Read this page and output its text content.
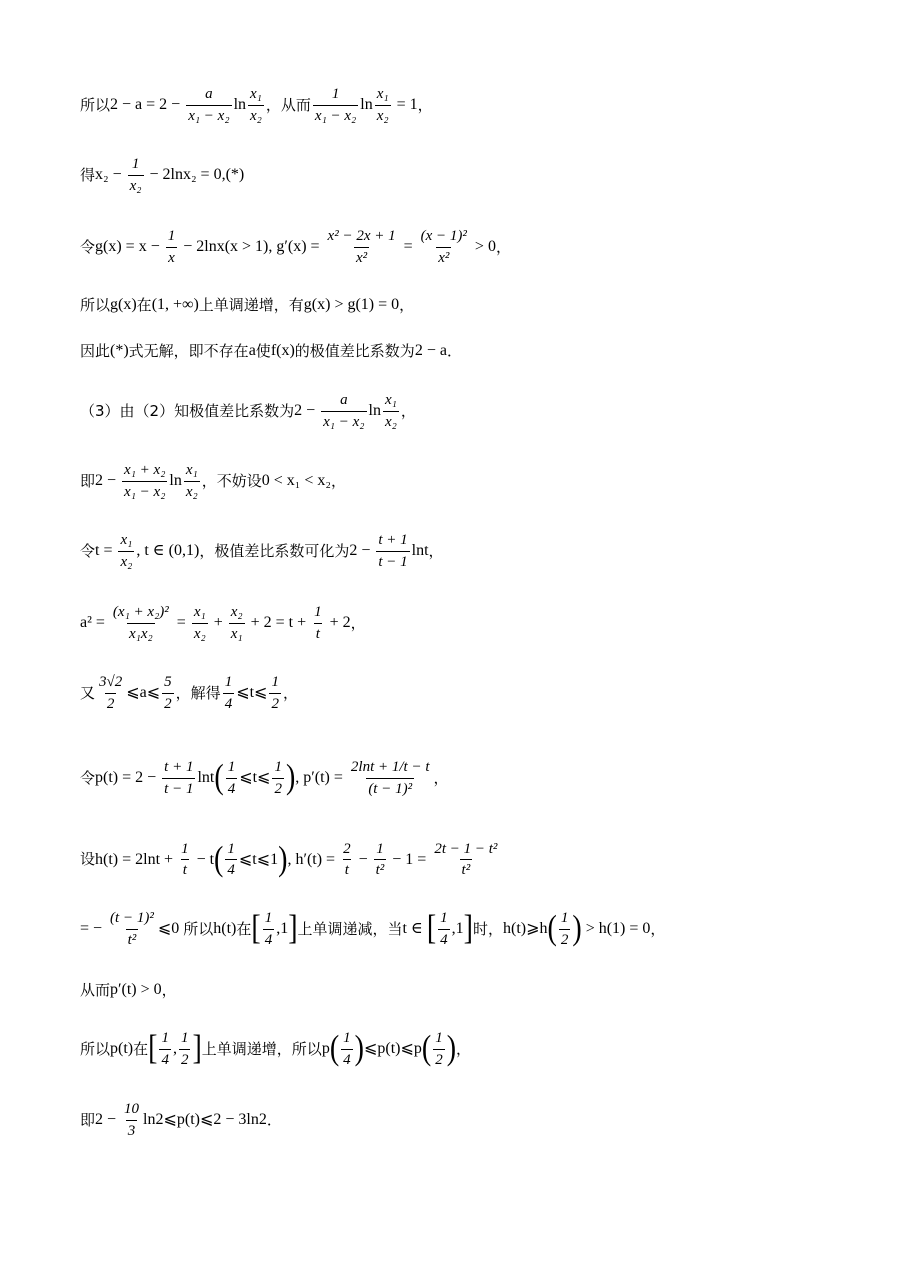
所以 $2 - a = 2 - \frac{a}{\text{x₁ − x₂}}$ $\ln \frac{\text{x₁}}{\text{x₂}}$ ，从而 $\frac{1}{\text{x₁ − x₂}}$ $\ln \frac{\text{x₁}}{\text{x₂}} = 1$ ，
得 $x_2 - \frac{1}{\text{x₂}} - 2\ln x_2 = 0,(*)$
令 $g(x) = x - \frac{1}{x} - 2\ln x(x > 1)$, $g'(x) = \frac{\text{x² − 2x + 1}}{\text{x²}} = \frac{\text{(x − 1)²}}{\text{x²}} > 0$ ，
所以 g(x) 在 (1, +∞) 上单调递增，有 g(x) > g(1) = 0 ，
因此 (*) 式无解，即不存在 a 使 f(x) 的极值差比系数为 2 − a ．
（3）由（2）知极值差比系数为 $2 - \frac{a}{\text{x₁ − x₂}}$ $\ln \frac{\text{x₁}}{\text{x₂}}$ ，
即 $2 - \frac{\text{x₁ + x₂}}{\text{x₁ − x₂}}$ $\ln \frac{\text{x₁}}{\text{x₂}}$ ，不妨设 0 < x₁ < x₂ ，
令 $t = \frac{\text{x₁}}{\text{x₂}}$ , t ∈ (0,1) ，极值差比系数可化为 $2 - \frac{t + 1}{t - 1}$ lnt ，
$a^2 = \frac{\text{(x₁ + x₂)²}}{\text{x₁x₂}} = \frac{\text{x₁}}{\text{x₂}} + \frac{\text{x₂}}{\text{x₁}} + 2 = t + \frac{1}{t} + 2$ ，
又 $\frac{3√2}{2}$ ⩽a⩽ $\frac{5}{2}$ ，解得 $\frac{1}{4}$ ⩽t⩽ $\frac{1}{2}$ ，
令 $p(t) = 2 - \frac{t + 1}{t - 1}$ lnt ( $\frac{1}{4}$ ⩽t⩽ $\frac{1}{2}$ ) , $p'(t) = \frac{2\ln t + 1/t - t}{\text{(t − 1)²}}$ ，
设 $h(t) = 2\ln t + \frac{1}{t} - t$ ( $\frac{1}{4}$ ⩽t⩽1 ) , $h'(t) = \frac{2}{t} - \frac{1}{\text{t²}} - 1 = \frac{\text{2t − 1 − t²}}{\text{t²}}$
= − $\frac{\text{(t − 1)²}}{\text{t²}}$ ⩽0 所以 h(t) 在 [ $\frac{1}{4} ,1$ ] 上单调递减，当 t ∈ [ $\frac{1}{4} ,1$ ] 时， h(t)⩾h ( $\frac{1}{2}$ ) > h(1) = 0 ，
从而 p′(t) > 0 ，
所以 p(t) 在 [ $\frac{1}{4}$ , $\frac{1}{2}$ ] 上单调递增，所以 p ( $\frac{1}{4}$ ) ⩽p(t)⩽p ( $\frac{1}{2}$ ) ，
即 $2 - \frac{10}{3}$ ln2⩽p(t)⩽2 − 3ln2 ．
